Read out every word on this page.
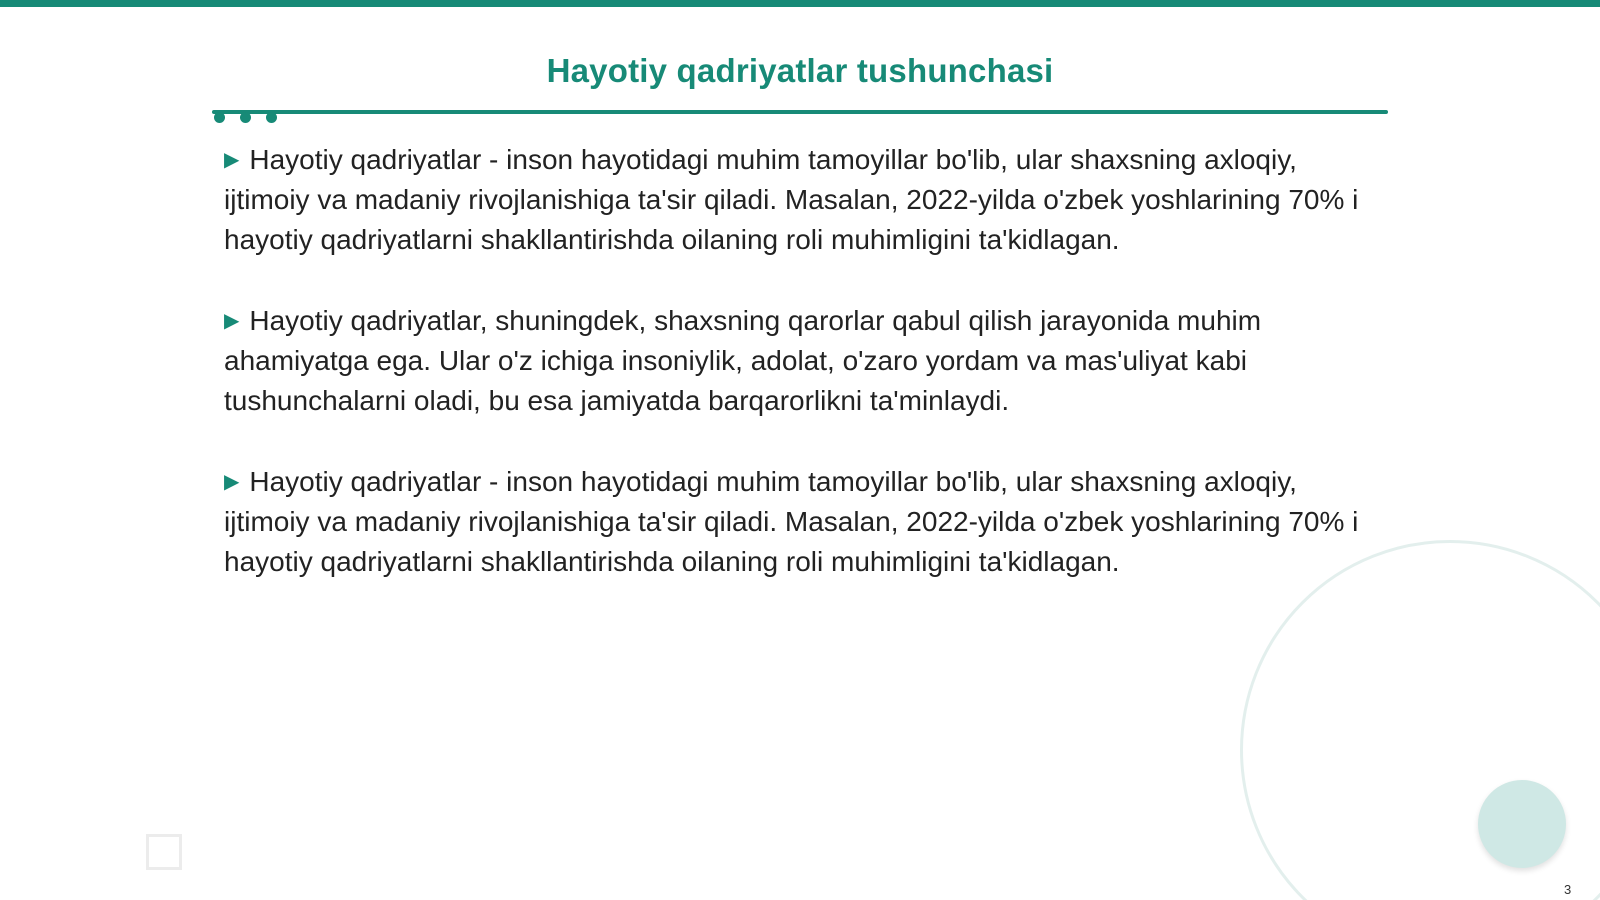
Hayotiy qadriyatlar tushunchasi

▶ Hayotiy qadriyatlar - inson hayotidagi muhim tamoyillar bo'lib, ular shaxsning axloqiy, ijtimoiy va madaniy rivojlanishiga ta'sir qiladi. Masalan, 2022-yilda o'zbek yoshlarining 70% i hayotiy qadriyatlarni shakllantirishda oilaning roli muhimligini ta'kidlagan.

▶ Hayotiy qadriyatlar, shuningdek, shaxsning qarorlar qabul qilish jarayonida muhim ahamiyatga ega. Ular o'z ichiga insoniylik, adolat, o'zaro yordam va mas'uliyat kabi tushunchalarni oladi, bu esa jamiyatda barqarorlikni ta'minlaydi.

▶ Hayotiy qadriyatlar - inson hayotidagi muhim tamoyillar bo'lib, ular shaxsning axloqiy, ijtimoiy va madaniy rivojlanishiga ta'sir qiladi. Masalan, 2022-yilda o'zbek yoshlarining 70% i hayotiy qadriyatlarni shakllantirishda oilaning roli muhimligini ta'kidlagan.

3
